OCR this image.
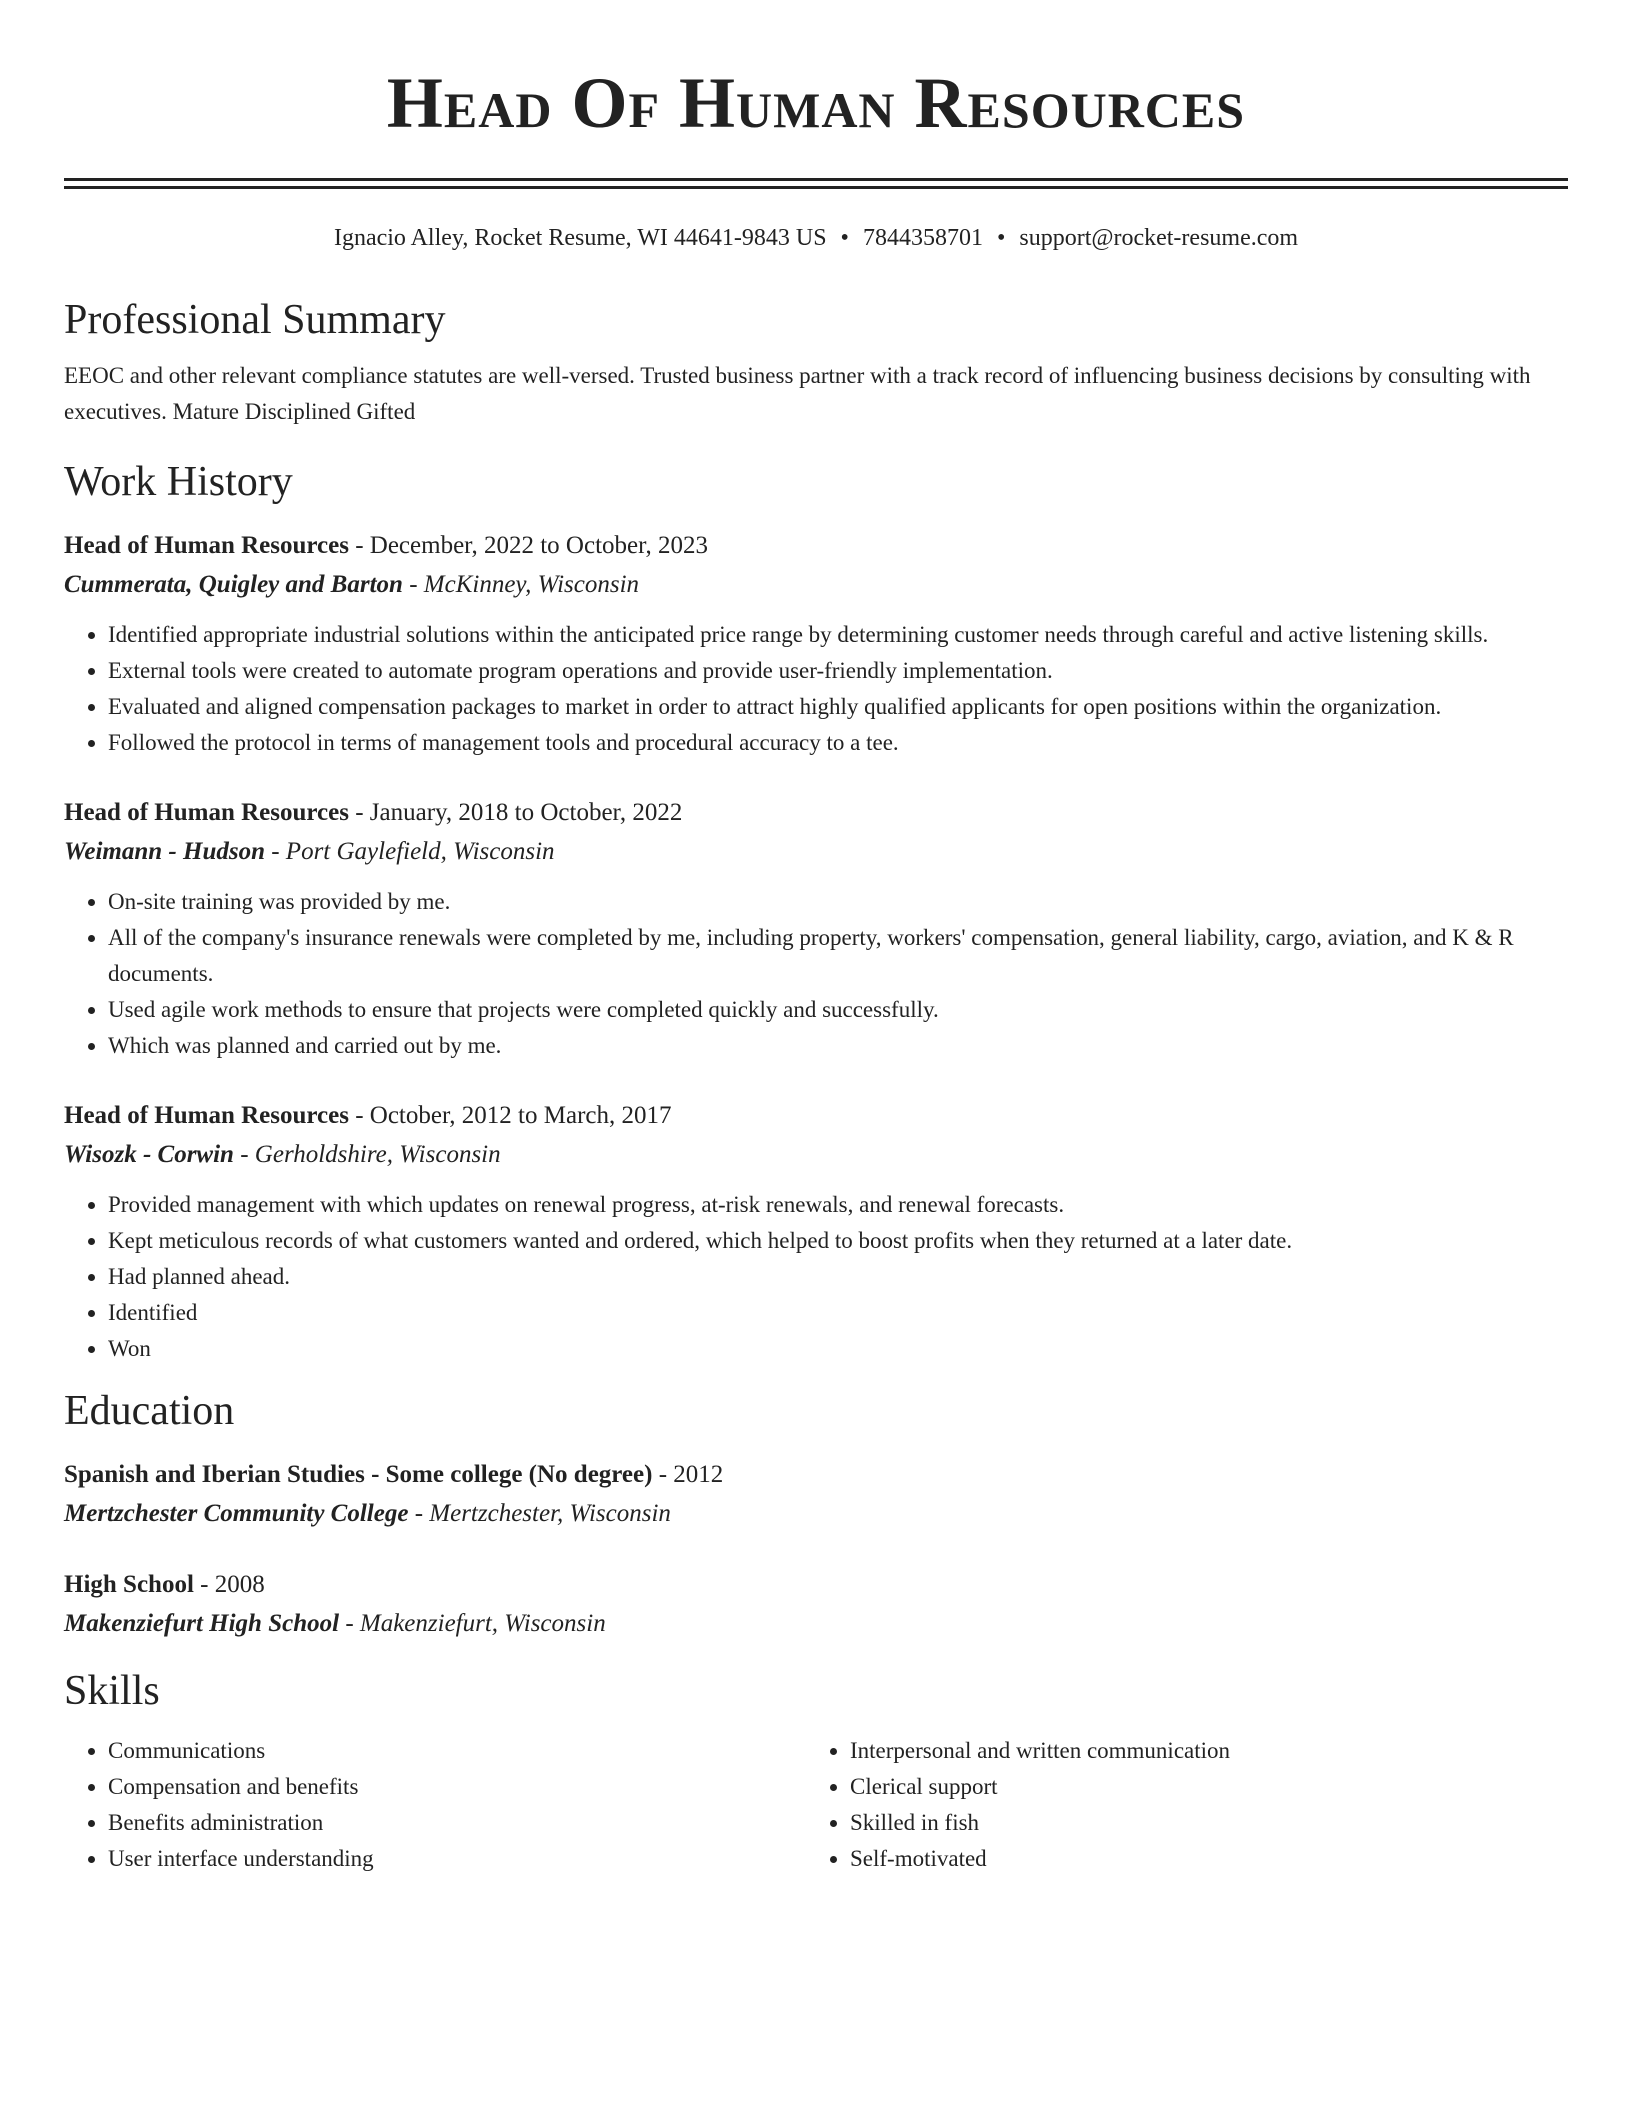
Head Of Human Resources
Ignacio Alley, Rocket Resume, WI 44641-9843 US • 7844358701 • support@rocket-resume.com
Professional Summary

EEOC and other relevant compliance statutes are well-versed. Trusted business partner with a track record of influencing business decisions by consulting with executives. Mature Disciplined Gifted

Work History
Head of Human Resources - December, 2022 to October, 2023
Cummerata, Quigley and Barton - McKinney, Wisconsin
• Identified appropriate industrial solutions within the anticipated price range by determining customer needs through careful and active listening skills.
• External tools were created to automate program operations and provide user-friendly implementation.
• Evaluated and aligned compensation packages to market in order to attract highly qualified applicants for open positions within the organization.
• Followed the protocol in terms of management tools and procedural accuracy to a tee.
Head of Human Resources - January, 2018 to October, 2022
Weimann - Hudson - Port Gaylefield, Wisconsin
• On-site training was provided by me.
• All of the company's insurance renewals were completed by me, including property, workers' compensation, general liability, cargo, aviation, and K & R documents.
• Used agile work methods to ensure that projects were completed quickly and successfully.
• Which was planned and carried out by me.
Head of Human Resources - October, 2012 to March, 2017
Wisozk - Corwin - Gerholdshire, Wisconsin
• Provided management with which updates on renewal progress, at-risk renewals, and renewal forecasts.
• Kept meticulous records of what customers wanted and ordered, which helped to boost profits when they returned at a later date.
• Had planned ahead.
• Identified
• Won
Education
Spanish and Iberian Studies - Some college (No degree) - 2012
Mertzchester Community College - Mertzchester, Wisconsin
High School - 2008
Makenziefurt High School - Makenziefurt, Wisconsin
Skills
• Communications
• Compensation and benefits
• Benefits administration
• User interface understanding
• Interpersonal and written communication
• Clerical support
• Skilled in fish
• Self-motivated
